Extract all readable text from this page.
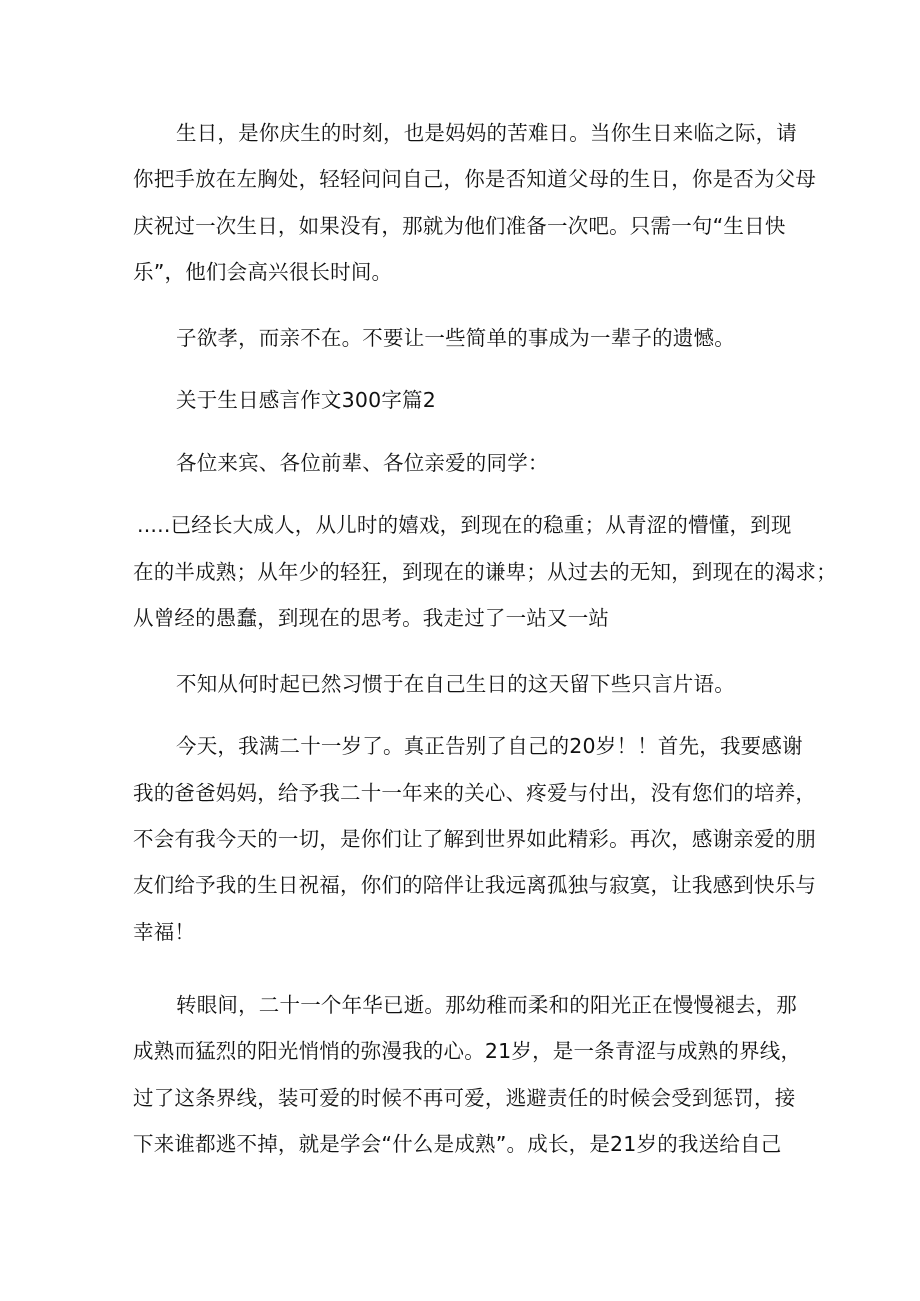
生日，是你庆生的时刻，也是妈妈的苦难日。当你生日来临之际，请
你把手放在左胸处，轻轻问问自己，你是否知道父母的生日，你是否为父母
庆祝过一次生日，如果没有，那就为他们准备一次吧。只需一句“生日快
乐”，他们会高兴很长时间。
子欲孝，而亲不在。不要让一些简单的事成为一辈子的遗憾。
关于生日感言作文300字篇2
各位来宾、各位前辈、各位亲爱的同学：
.....已经长大成人，从儿时的嬉戏，到现在的稳重；从青涩的懵懂，到现
在的半成熟；从年少的轻狂，到现在的谦卑；从过去的无知，到现在的渴求；
从曾经的愚蠢，到现在的思考。我走过了一站又一站
不知从何时起已然习惯于在自己生日的这天留下些只言片语。
今天，我满二十一岁了。真正告别了自己的20岁！！首先，我要感谢
我的爸爸妈妈，给予我二十一年来的关心、疼爱与付出，没有您们的培养，
不会有我今天的一切，是你们让了解到世界如此精彩。再次，感谢亲爱的朋
友们给予我的生日祝福，你们的陪伴让我远离孤独与寂寞，让我感到快乐与
幸福！
转眼间，二十一个年华已逝。那幼稚而柔和的阳光正在慢慢褪去，那
成熟而猛烈的阳光悄悄的弥漫我的心。21岁，是一条青涩与成熟的界线，
过了这条界线，装可爱的时候不再可爱，逃避责任的时候会受到惩罚，接
下来谁都逃不掉，就是学会“什么是成熟”。成长，是21岁的我送给自己
